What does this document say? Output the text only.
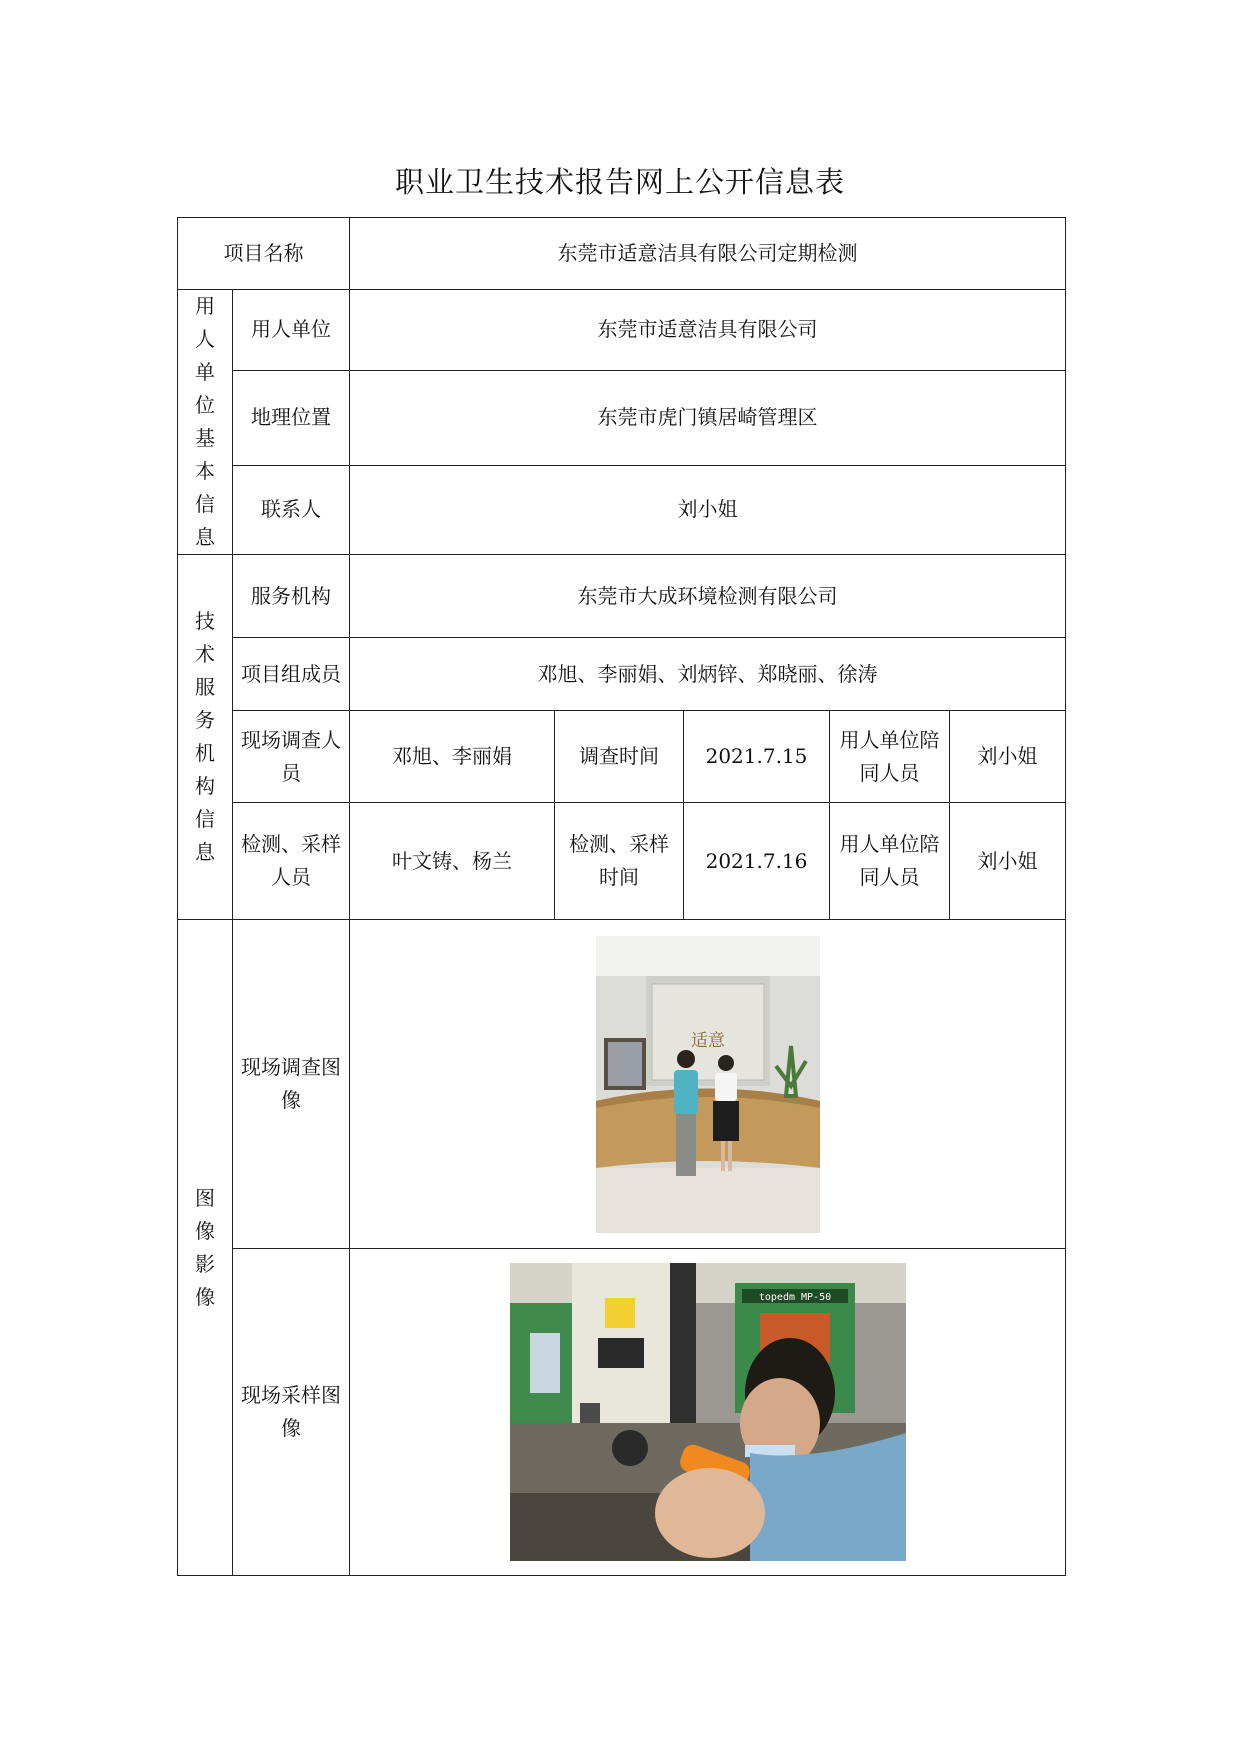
职业卫生技术报告网上公开信息表
项目名称		东莞市适意洁具有限公司定期检测				

用人单位基本信息	用人单位	东莞市适意洁具有限公司				
	地理位置	东莞市虎门镇居崎管理区				
	联系人	刘小姐				

技术服务机构信息	服务机构	东莞市大成环境检测有限公司				
	项目组成员	邓旭、李丽娟、刘炳锌、郑晓丽、徐涛				
	现场调查人员	邓旭、李丽娟	调查时间	2021.7.15	用人单位陪同人员	刘小姐
	检测、采样人员	叶文铸、杨兰	检测、采样时间	2021.7.16	用人单位陪同人员	刘小姐

图像影像	现场调查图像	适意				

	现场采样图像	topedm MP-50				
